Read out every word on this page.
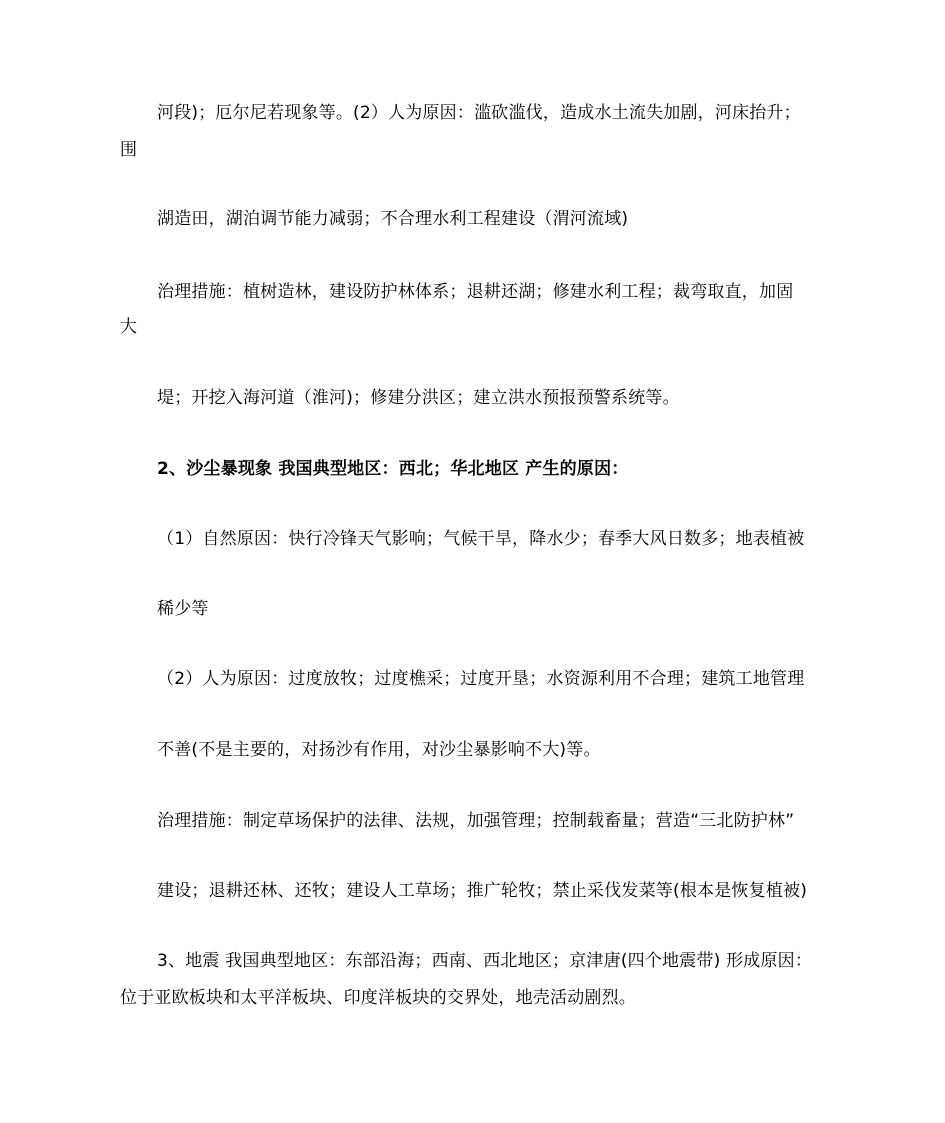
河段)；厄尔尼若现象等。(2）人为原因：滥砍滥伐，造成水土流失加剧，河床抬升；
围
湖造田，湖泊调节能力减弱；不合理水利工程建设（渭河流域)
治理措施：植树造林，建设防护林体系；退耕还湖；修建水利工程；裁弯取直，加固
大
堤；开挖入海河道（淮河)；修建分洪区；建立洪水预报预警系统等。
2、沙尘暴现象 我国典型地区：西北；华北地区 产生的原因：
（1）自然原因：快行冷锋天气影响；气候干旱，降水少；春季大风日数多；地表植被
稀少等
（2）人为原因：过度放牧；过度樵采；过度开垦；水资源利用不合理；建筑工地管理
不善(不是主要的，对扬沙有作用，对沙尘暴影响不大)等。
治理措施：制定草场保护的法律、法规，加强管理；控制载畜量；营造“三北防护林”
建设；退耕还林、还牧；建设人工草场；推广轮牧；禁止采伐发菜等(根本是恢复植被)
3、地震 我国典型地区：东部沿海；西南、西北地区；京津唐(四个地震带) 形成原因：
位于亚欧板块和太平洋板块、印度洋板块的交界处，地壳活动剧烈。
